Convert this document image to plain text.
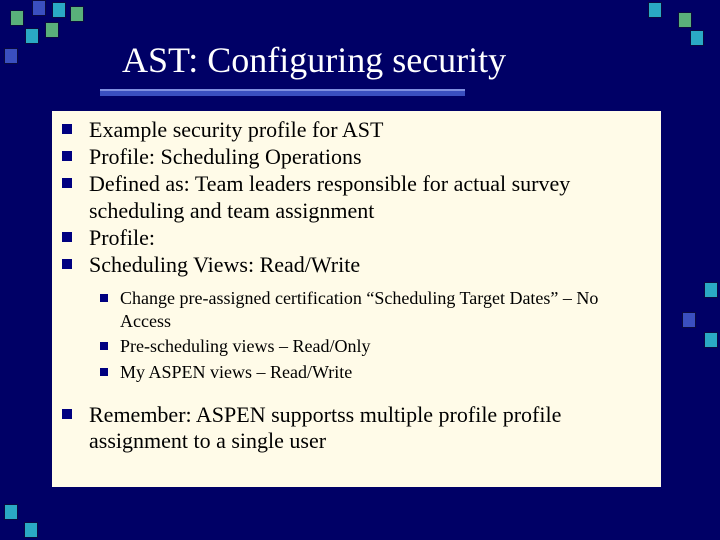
AST: Configuring security
Example security profile for AST
Profile: Scheduling Operations
Defined as: Team leaders responsible for actual survey
scheduling and team assignment
Profile:
Scheduling Views: Read/Write
Change pre-assigned certification “Scheduling Target Dates” – No
Access
Pre-scheduling views – Read/Only
My ASPEN views – Read/Write
Remember: ASPEN supportss multiple profile profile
assignment to a single user
